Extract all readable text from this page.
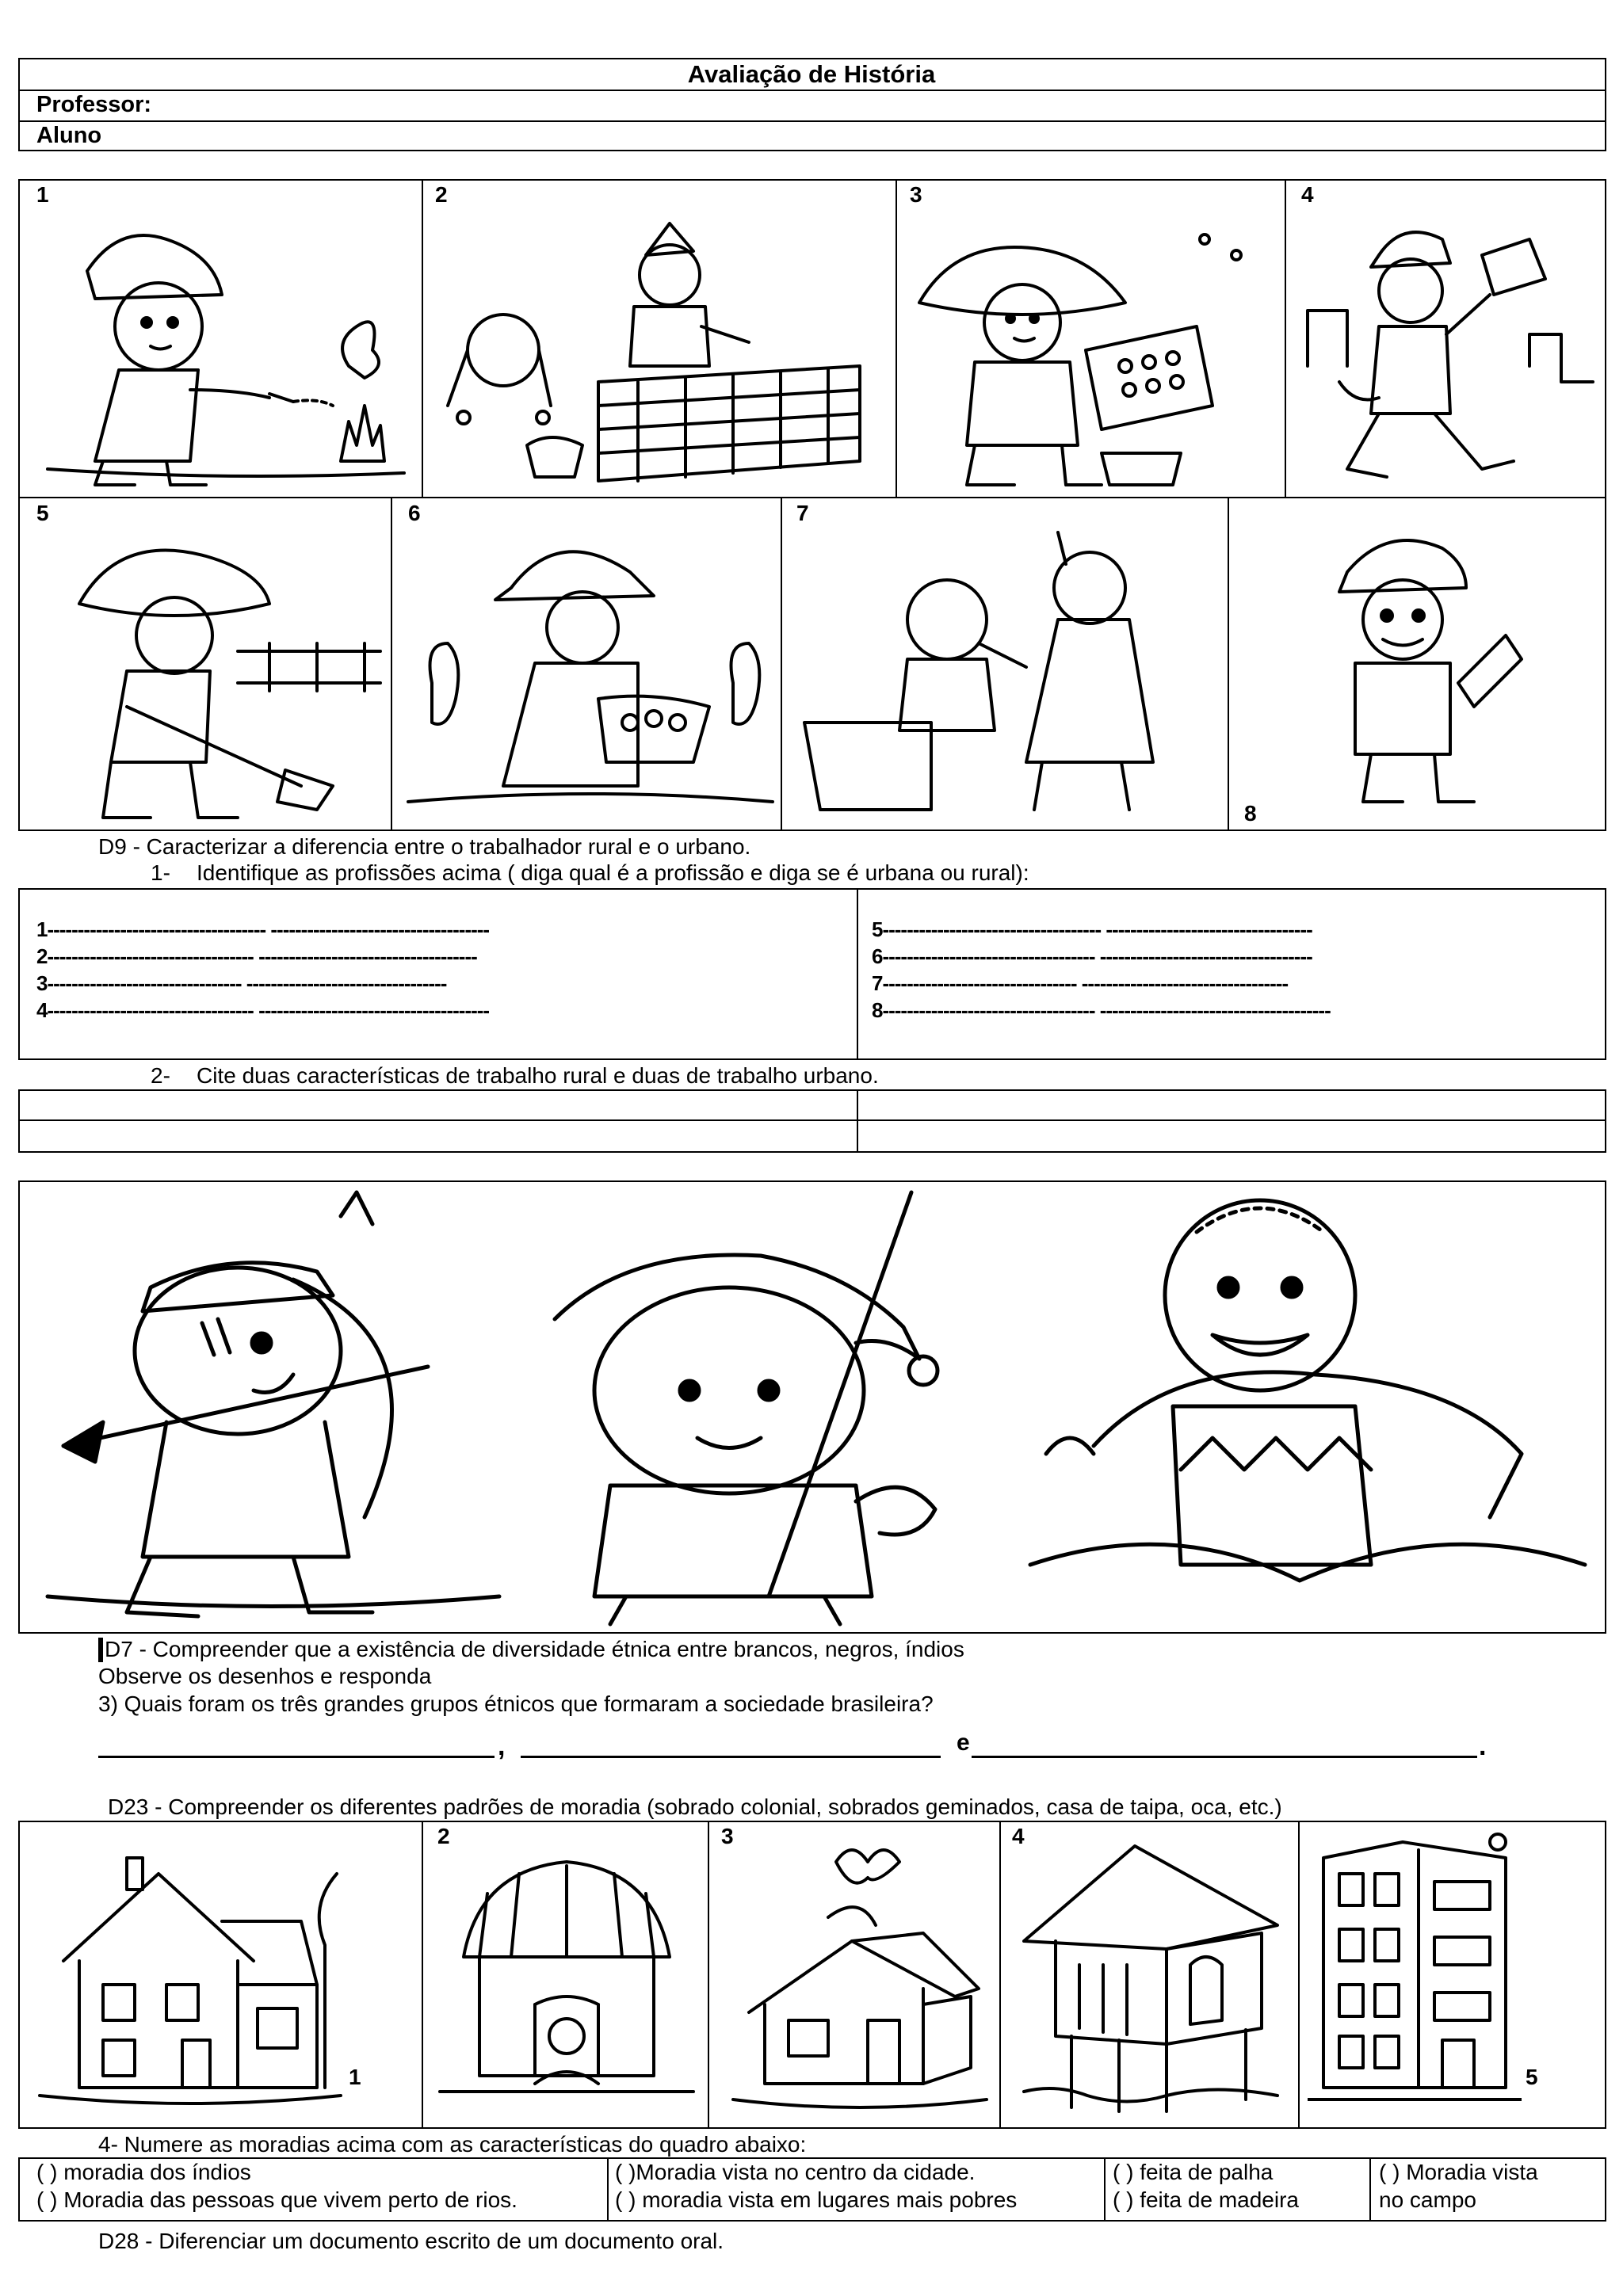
Avaliação de História
Professor:
Aluno
1	2	3	4
5	6	7
8
D9 - Caracterizar a diferencia entre o trabalhador rural e o urbano.
1- Identifique as profissões acima ( diga qual é a profissão e diga se é urbana ou rural):
1------------------------------------ ------------------------------------
2---------------------------------- ------------------------------------
3-------------------------------- ---------------------------------
4---------------------------------- --------------------------------------
5------------------------------------ ----------------------------------
6----------------------------------- -----------------------------------
7-------------------------------- ----------------------------------
8----------------------------------- --------------------------------------
2- Cite duas características de trabalho rural e duas de trabalho urbano.
D7 - Compreender que a existência de diversidade étnica entre brancos, negros, índios
Observe os desenhos e responda
3) Quais foram os três grandes grupos étnicos que formaram a sociedade brasileira?
,	e	.
D23 - Compreender os diferentes padrões de moradia (sobrado colonial, sobrados geminados, casa de taipa, oca, etc.)
1
2	3	4
5
4- Numere as moradias acima com as características do quadro abaixo:
( ) moradia dos índios
( ) Moradia das pessoas que vivem perto de rios.
( )Moradia vista no centro da cidade.
( ) moradia vista em lugares mais pobres
( ) feita de palha
( ) feita de madeira
( ) Moradia vista
no campo
D28 - Diferenciar um documento escrito de um documento oral.
